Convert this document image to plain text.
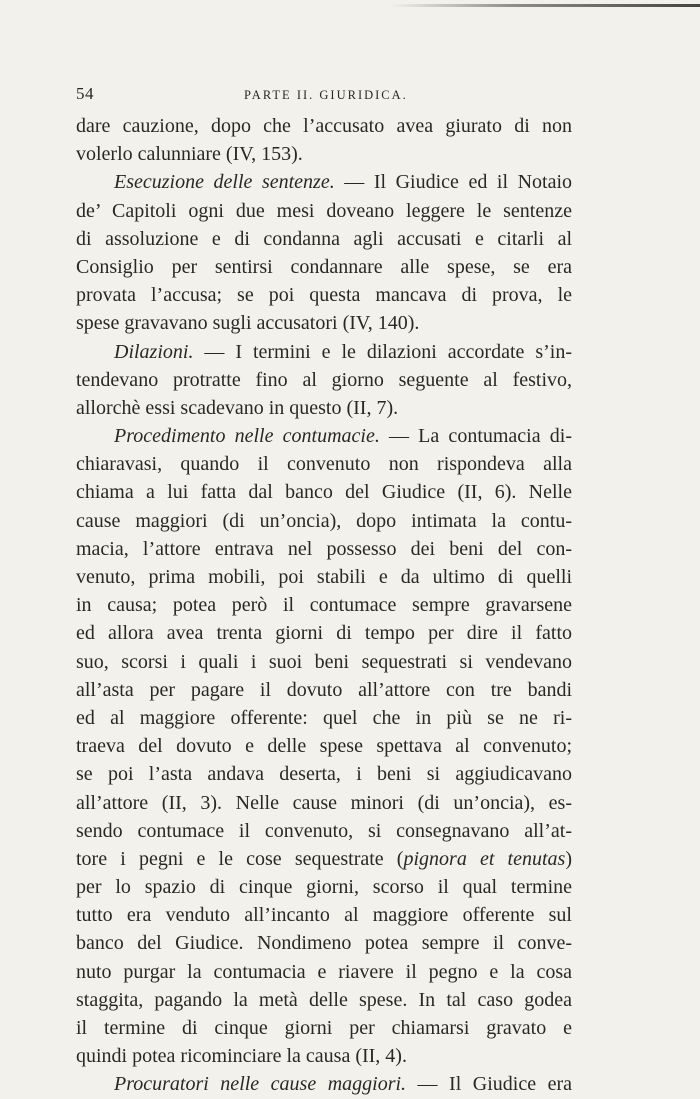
54	PARTE II. GIURIDICA.
dare cauzione, dopo che l’accusato avea giurato di non
volerlo calunniare (IV, 153).
Esecuzione delle sentenze. — Il Giudice ed il Notaio
de’ Capitoli ogni due mesi doveano leggere le sentenze
di assoluzione e di condanna agli accusati e citarli al
Consiglio per sentirsi condannare alle spese, se era
provata l’accusa; se poi questa mancava di prova, le
spese gravavano sugli accusatori (IV, 140).
Dilazioni. — I termini e le dilazioni accordate s’in-
tendevano protratte fino al giorno seguente al festivo,
allorchè essi scadevano in questo (II, 7).
Procedimento nelle contumacie. — La contumacia di-
chiaravasi, quando il convenuto non rispondeva alla
chiama a lui fatta dal banco del Giudice (II, 6). Nelle
cause maggiori (di un’oncia), dopo intimata la contu-
macia, l’attore entrava nel possesso dei beni del con-
venuto, prima mobili, poi stabili e da ultimo di quelli
in causa; potea però il contumace sempre gravarsene
ed allora avea trenta giorni di tempo per dire il fatto
suo, scorsi i quali i suoi beni sequestrati si vendevano
all’asta per pagare il dovuto all’attore con tre bandi
ed al maggiore offerente: quel che in più se ne ri-
traeva del dovuto e delle spese spettava al convenuto;
se poi l’asta andava deserta, i beni si aggiudicavano
all’attore (II, 3). Nelle cause minori (di un’oncia), es-
sendo contumace il convenuto, si consegnavano all’at-
tore i pegni e le cose sequestrate (pignora et tenutas)
per lo spazio di cinque giorni, scorso il qual termine
tutto era venduto all’incanto al maggiore offerente sul
banco del Giudice. Nondimeno potea sempre il conve-
nuto purgar la contumacia e riavere il pegno e la cosa
staggita, pagando la metà delle spese. In tal caso godea
il termine di cinque giorni per chiamarsi gravato e
quindi potea ricominciare la causa (II, 4).
Procuratori nelle cause maggiori. — Il Giudice era
